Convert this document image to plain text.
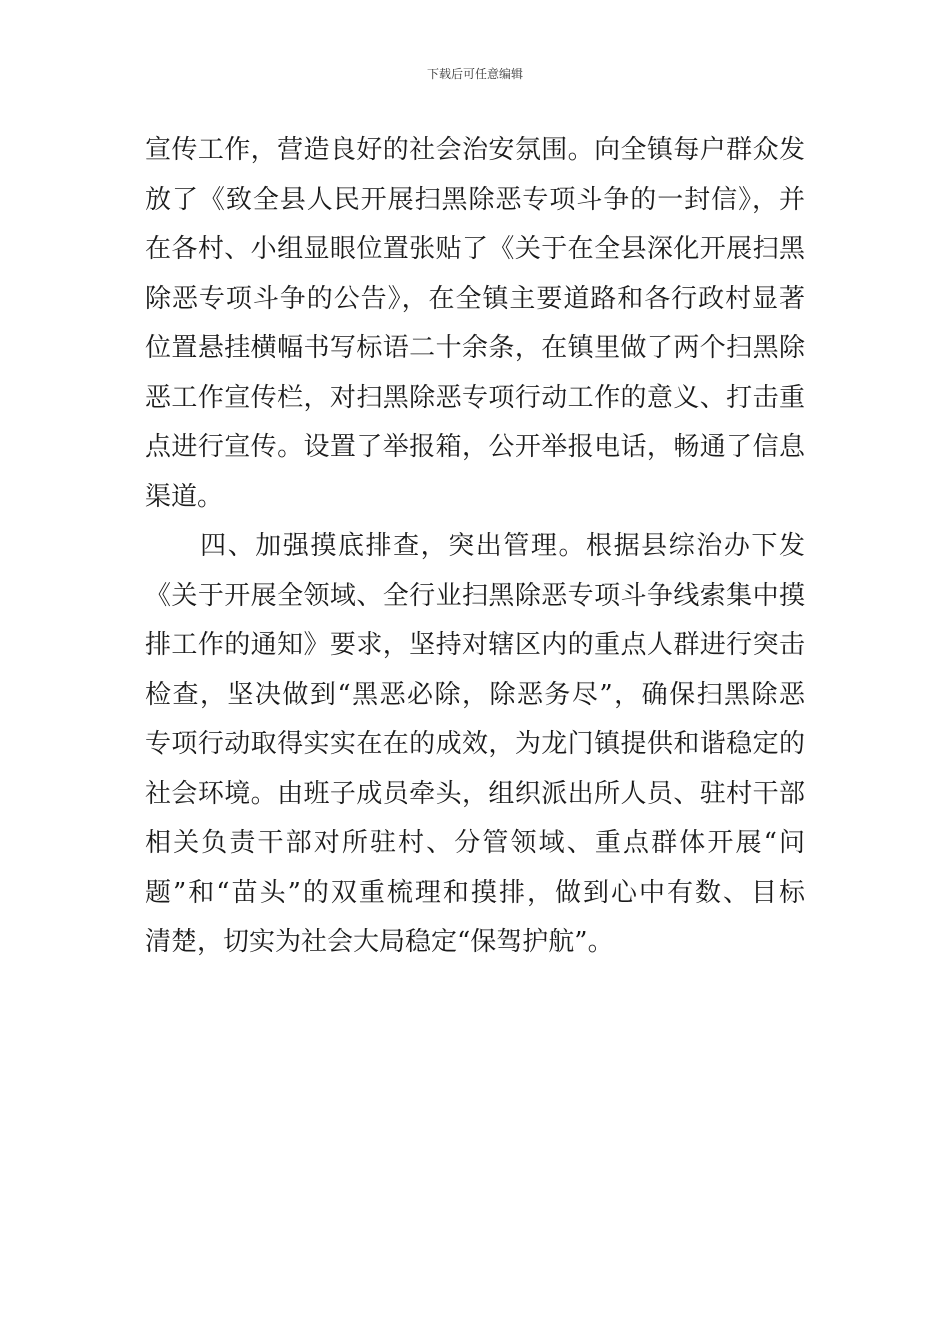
下载后可任意编辑
宣传工作，营造良好的社会治安氛围。向全镇每户群众发
放了《致全县人民开展扫黑除恶专项斗争的一封信》，并
在各村、小组显眼位置张贴了《关于在全县深化开展扫黑
除恶专项斗争的公告》，在全镇主要道路和各行政村显著
位置悬挂横幅书写标语二十余条，在镇里做了两个扫黑除
恶工作宣传栏，对扫黑除恶专项行动工作的意义、打击重
点进行宣传。设置了举报箱，公开举报电话，畅通了信息
渠道。
　　四、加强摸底排查，突出管理。根据县综治办下发
《关于开展全领域、全行业扫黑除恶专项斗争线索集中摸
排工作的通知》要求，坚持对辖区内的重点人群进行突击
检查，坚决做到“黑恶必除，除恶务尽”，确保扫黑除恶
专项行动取得实实在在的成效，为龙门镇提供和谐稳定的
社会环境。由班子成员牵头，组织派出所人员、驻村干部
相关负责干部对所驻村、分管领域、重点群体开展“问
题”和“苗头”的双重梳理和摸排，做到心中有数、目标
清楚，切实为社会大局稳定“保驾护航”。
